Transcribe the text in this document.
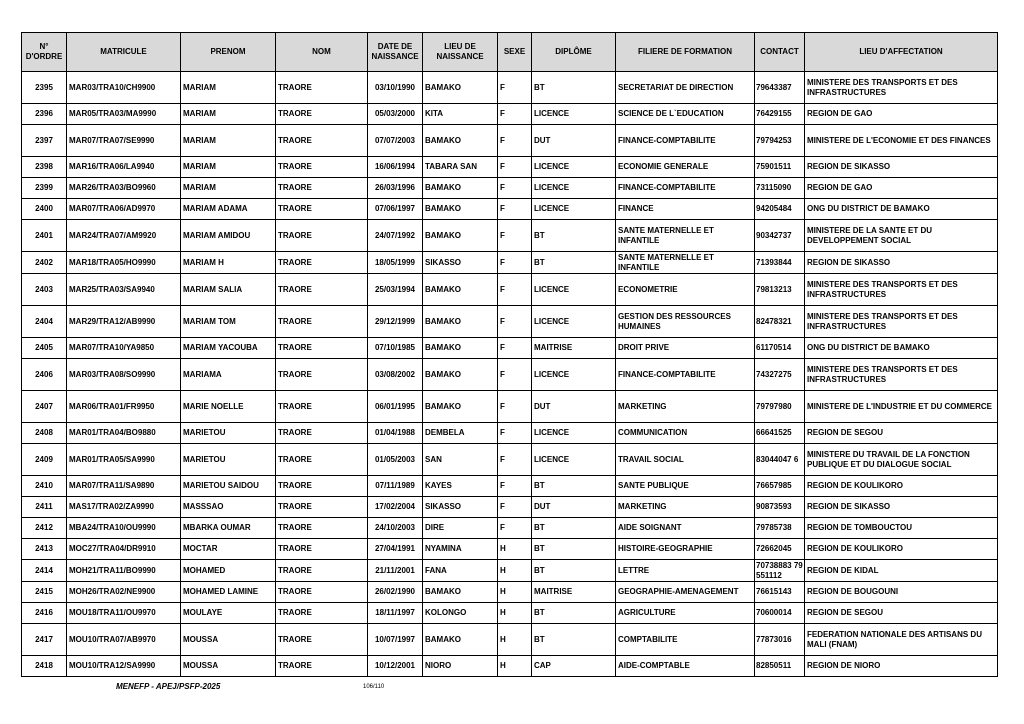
N° D'ORDRE	MATRICULE	PRENOM	NOM	DATE DE NAISSANCE	LIEU DE NAISSANCE	SEXE	DIPLÔME	FILIERE DE FORMATION	CONTACT	LIEU D'AFFECTATION
2395	MAR03/TRA10/CH9900	MARIAM	TRAORE	03/10/1990	BAMAKO	F	BT	SECRETARIAT DE DIRECTION	79643387	MINISTERE DES TRANSPORTS ET DES INFRASTRUCTURES
2396	MAR05/TRA03/MA9990	MARIAM	TRAORE	05/03/2000	KITA	F	LICENCE	SCIENCE DE L`EDUCATION	76429155	REGION DE GAO
2397	MAR07/TRA07/SE9990	MARIAM	TRAORE	07/07/2003	BAMAKO	F	DUT	FINANCE-COMPTABILITE	79794253	MINISTERE DE L'ECONOMIE ET DES FINANCES
2398	MAR16/TRA06/LA9940	MARIAM	TRAORE	16/06/1994	TABARA SAN	F	LICENCE	ECONOMIE GENERALE	75901511	REGION DE SIKASSO
2399	MAR26/TRA03/BO9960	MARIAM	TRAORE	26/03/1996	BAMAKO	F	LICENCE	FINANCE-COMPTABILITE	73115090	REGION DE GAO
2400	MAR07/TRA06/AD9970	MARIAM ADAMA	TRAORE	07/06/1997	BAMAKO	F	LICENCE	FINANCE	94205484	ONG DU DISTRICT DE BAMAKO
2401	MAR24/TRA07/AM9920	MARIAM AMIDOU	TRAORE	24/07/1992	BAMAKO	F	BT	SANTE MATERNELLE ET INFANTILE	90342737	MINISTERE DE LA SANTE ET DU DEVELOPPEMENT SOCIAL
2402	MAR18/TRA05/HO9990	MARIAM H	TRAORE	18/05/1999	SIKASSO	F	BT	SANTE MATERNELLE ET INFANTILE	71393844	REGION DE SIKASSO
2403	MAR25/TRA03/SA9940	MARIAM SALIA	TRAORE	25/03/1994	BAMAKO	F	LICENCE	ECONOMETRIE	79813213	MINISTERE DES TRANSPORTS ET DES INFRASTRUCTURES
2404	MAR29/TRA12/AB9990	MARIAM TOM	TRAORE	29/12/1999	BAMAKO	F	LICENCE	GESTION DES RESSOURCES HUMAINES	82478321	MINISTERE DES TRANSPORTS ET DES INFRASTRUCTURES
2405	MAR07/TRA10/YA9850	MARIAM YACOUBA	TRAORE	07/10/1985	BAMAKO	F	MAITRISE	DROIT PRIVE	61170514	ONG DU DISTRICT DE BAMAKO
2406	MAR03/TRA08/SO9990	MARIAMA	TRAORE	03/08/2002	BAMAKO	F	LICENCE	FINANCE-COMPTABILITE	74327275	MINISTERE DES TRANSPORTS ET DES INFRASTRUCTURES
2407	MAR06/TRA01/FR9950	MARIE NOELLE	TRAORE	06/01/1995	BAMAKO	F	DUT	MARKETING	79797980	MINISTERE DE L'INDUSTRIE ET DU COMMERCE
2408	MAR01/TRA04/BO9880	MARIETOU	TRAORE	01/04/1988	DEMBELA	F	LICENCE	COMMUNICATION	66641525	REGION DE SEGOU
2409	MAR01/TRA05/SA9990	MARIETOU	TRAORE	01/05/2003	SAN	F	LICENCE	TRAVAIL SOCIAL	83044047 6	MINISTERE DU TRAVAIL DE LA FONCTION PUBLIQUE ET DU DIALOGUE SOCIAL
2410	MAR07/TRA11/SA9890	MARIETOU SAIDOU	TRAORE	07/11/1989	KAYES	F	BT	SANTE PUBLIQUE	76657985	REGION DE KOULIKORO
2411	MAS17/TRA02/ZA9990	MASSSAO	TRAORE	17/02/2004	SIKASSO	F	DUT	MARKETING	90873593	REGION DE SIKASSO
2412	MBA24/TRA10/OU9990	MBARKA OUMAR	TRAORE	24/10/2003	DIRE	F	BT	AIDE SOIGNANT	79785738	REGION DE TOMBOUCTOU
2413	MOC27/TRA04/DR9910	MOCTAR	TRAORE	27/04/1991	NYAMINA	H	BT	HISTOIRE-GEOGRAPHIE	72662045	REGION DE KOULIKORO
2414	MOH21/TRA11/BO9990	MOHAMED	TRAORE	21/11/2001	FANA	H	BT	LETTRE	70738883 79551112	REGION DE KIDAL
2415	MOH26/TRA02/NE9900	MOHAMED LAMINE	TRAORE	26/02/1990	BAMAKO	H	MAITRISE	GEOGRAPHIE-AMENAGEMENT	76615143	REGION DE BOUGOUNI
2416	MOU18/TRA11/OU9970	MOULAYE	TRAORE	18/11/1997	KOLONGO	H	BT	AGRICULTURE	70600014	REGION DE SEGOU
2417	MOU10/TRA07/AB9970	MOUSSA	TRAORE	10/07/1997	BAMAKO	H	BT	COMPTABILITE	77873016	FEDERATION NATIONALE DES ARTISANS DU MALI (FNAM)
2418	MOU10/TRA12/SA9990	MOUSSA	TRAORE	10/12/2001	NIORO	H	CAP	AIDE-COMPTABLE	82850511	REGION DE NIORO
MENEFP - APEJ/PSFP-2025	106/110
